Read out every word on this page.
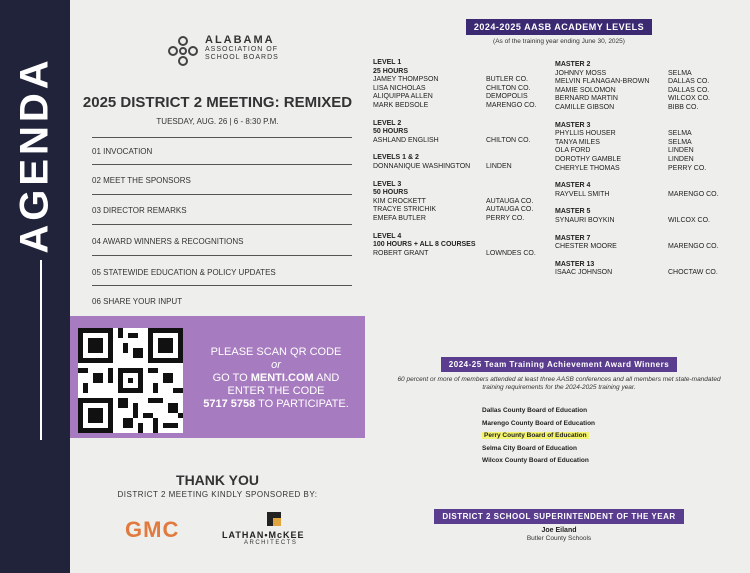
AGENDA
ALABAMA
ASSOCIATION OF
SCHOOL BOARDS
2025 DISTRICT 2 MEETING: REMIXED
TUESDAY, AUG. 26 | 6 - 8:30 P.M.
01 INVOCATION
02 MEET THE SPONSORS
03 DIRECTOR REMARKS
04 AWARD WINNERS & RECOGNITIONS
05 STATEWIDE EDUCATION & POLICY UPDATES
06 SHARE YOUR INPUT
PLEASE SCAN QR CODE
or
GO TO MENTI.COM AND
ENTER THE CODE
5717 5758 TO PARTICIPATE.
THANK YOU
DISTRICT 2 MEETING KINDLY SPONSORED BY:
GMC	LATHAN•McKEE
ARCHITECTS
2024-2025 AASB ACADEMY LEVELS
(As of the training year ending June 30, 2025)
LEVEL 1
25 HOURS
JAMEY THOMPSON	BUTLER CO.
LISA NICHOLAS	CHILTON CO.
ALIQUIPPA ALLEN	DEMOPOLIS
MARK BEDSOLE	MARENGO CO.
LEVEL 2
50 HOURS
ASHLAND ENGLISH	CHILTON CO.
LEVELS 1 & 2
DONNANIQUE WASHINGTON	LINDEN
LEVEL 3
50 HOURS
KIM CROCKETT	AUTAUGA CO.
TRACYE STRICHIK	AUTAUGA CO.
EMEFA BUTLER	PERRY CO.
LEVEL 4
100 HOURS + ALL 8 COURSES
ROBERT GRANT	LOWNDES CO.
MASTER 2
JOHNNY MOSS	SELMA
MELVIN FLANAGAN-BROWN	DALLAS CO.
MAMIE SOLOMON	DALLAS CO.
BERNARD MARTIN	WILCOX CO.
CAMILLE GIBSON	BIBB CO.
MASTER 3
PHYLLIS HOUSER	SELMA
TANYA MILES	SELMA
OLA FORD	LINDEN
DOROTHY GAMBLE	LINDEN
CHERYLE THOMAS	PERRY CO.
MASTER 4
RAYVELL SMITH	MARENGO CO.
MASTER 5
SYNAURI BOYKIN	WILCOX CO.
MASTER 7
CHESTER MOORE	MARENGO CO.
MASTER 13
ISAAC JOHNSON	CHOCTAW CO.
2024-25 Team Training Achievement Award Winners
60 percent or more of members attended at least three AASB conferences and all members met state-mandated training requirements for the 2024-2025 training year.
Dallas County Board of Education
Marengo County Board of Education
Perry County Board of Education
Selma City Board of Education
Wilcox County Board of Education
DISTRICT 2 SCHOOL SUPERINTENDENT OF THE YEAR
Joe Eiland
Butler County Schools
